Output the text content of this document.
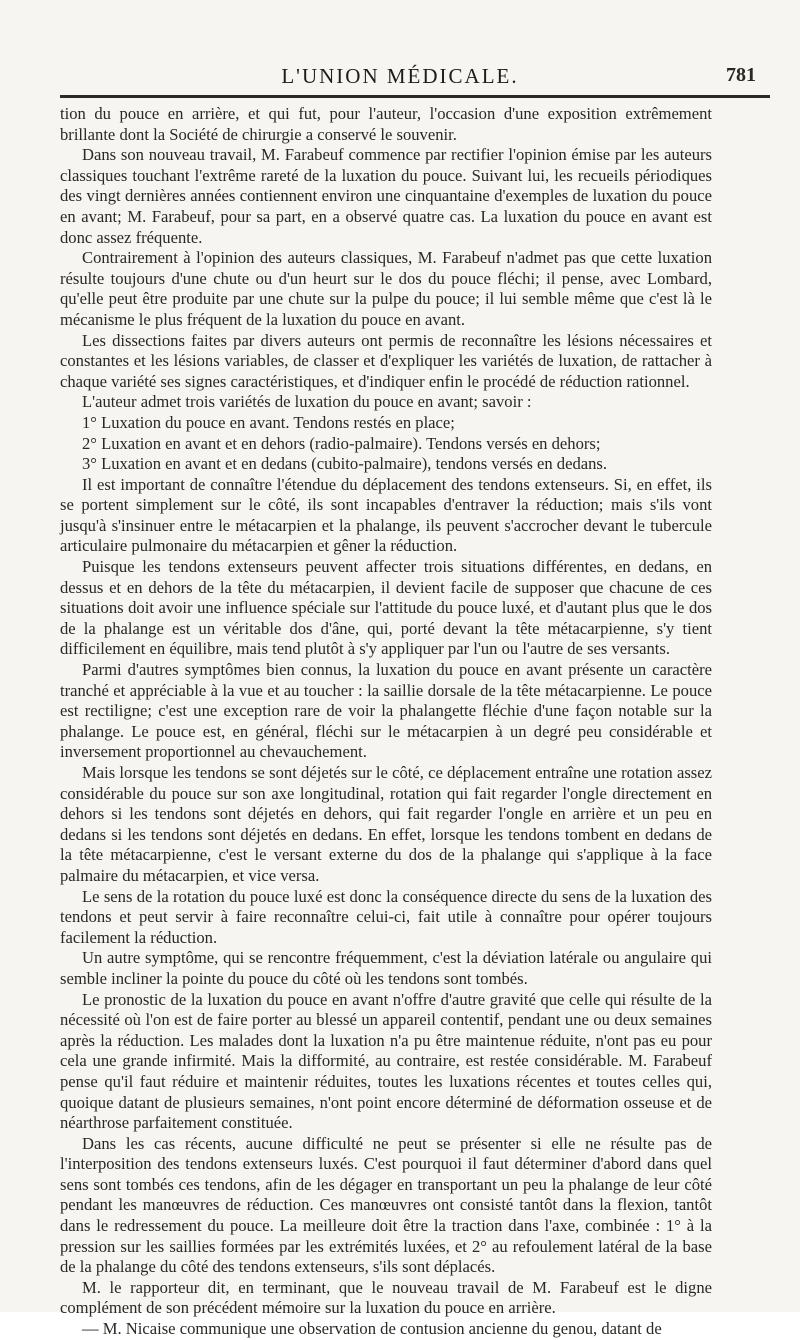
L'UNION MÉDICALE.	781

tion du pouce en arrière, et qui fut, pour l'auteur, l'occasion d'une exposition extrêmement brillante dont la Société de chirurgie a conservé le souvenir.

Dans son nouveau travail, M. Farabeuf commence par rectifier l'opinion émise par les auteurs classiques touchant l'extrême rareté de la luxation du pouce. Suivant lui, les recueils périodiques des vingt dernières années contiennent environ une cinquantaine d'exemples de luxation du pouce en avant; M. Farabeuf, pour sa part, en a observé quatre cas. La luxation du pouce en avant est donc assez fréquente.

Contrairement à l'opinion des auteurs classiques, M. Farabeuf n'admet pas que cette luxation résulte toujours d'une chute ou d'un heurt sur le dos du pouce fléchi; il pense, avec Lombard, qu'elle peut être produite par une chute sur la pulpe du pouce; il lui semble même que c'est là le mécanisme le plus fréquent de la luxation du pouce en avant.

Les dissections faites par divers auteurs ont permis de reconnaître les lésions nécessaires et constantes et les lésions variables, de classer et d'expliquer les variétés de luxation, de rattacher à chaque variété ses signes caractéristiques, et d'indiquer enfin le procédé de réduction rationnel.

L'auteur admet trois variétés de luxation du pouce en avant; savoir :

1° Luxation du pouce en avant. Tendons restés en place;

2° Luxation en avant et en dehors (radio-palmaire). Tendons versés en dehors;

3° Luxation en avant et en dedans (cubito-palmaire), tendons versés en dedans.

Il est important de connaître l'étendue du déplacement des tendons extenseurs. Si, en effet, ils se portent simplement sur le côté, ils sont incapables d'entraver la réduction; mais s'ils vont jusqu'à s'insinuer entre le métacarpien et la phalange, ils peuvent s'accrocher devant le tubercule articulaire pulmonaire du métacarpien et gêner la réduction.

Puisque les tendons extenseurs peuvent affecter trois situations différentes, en dedans, en dessus et en dehors de la tête du métacarpien, il devient facile de supposer que chacune de ces situations doit avoir une influence spéciale sur l'attitude du pouce luxé, et d'autant plus que le dos de la phalange est un véritable dos d'âne, qui, porté devant la tête métacarpienne, s'y tient difficilement en équilibre, mais tend plutôt à s'y appliquer par l'un ou l'autre de ses versants.

Parmi d'autres symptômes bien connus, la luxation du pouce en avant présente un caractère tranché et appréciable à la vue et au toucher : la saillie dorsale de la tête métacarpienne. Le pouce est rectiligne; c'est une exception rare de voir la phalangette fléchie d'une façon notable sur la phalange. Le pouce est, en général, fléchi sur le métacarpien à un degré peu considérable et inversement proportionnel au chevauchement.

Mais lorsque les tendons se sont déjetés sur le côté, ce déplacement entraîne une rotation assez considérable du pouce sur son axe longitudinal, rotation qui fait regarder l'ongle directement en dehors si les tendons sont déjetés en dehors, qui fait regarder l'ongle en arrière et un peu en dedans si les tendons sont déjetés en dedans. En effet, lorsque les tendons tombent en dedans de la tête métacarpienne, c'est le versant externe du dos de la phalange qui s'applique à la face palmaire du métacarpien, et vice versa.

Le sens de la rotation du pouce luxé est donc la conséquence directe du sens de la luxation des tendons et peut servir à faire reconnaître celui-ci, fait utile à connaître pour opérer toujours facilement la réduction.

Un autre symptôme, qui se rencontre fréquemment, c'est la déviation latérale ou angulaire qui semble incliner la pointe du pouce du côté où les tendons sont tombés.

Le pronostic de la luxation du pouce en avant n'offre d'autre gravité que celle qui résulte de la nécessité où l'on est de faire porter au blessé un appareil contentif, pendant une ou deux semaines après la réduction. Les malades dont la luxation n'a pu être maintenue réduite, n'ont pas eu pour cela une grande infirmité. Mais la difformité, au contraire, est restée considérable. M. Farabeuf pense qu'il faut réduire et maintenir réduites, toutes les luxations récentes et toutes celles qui, quoique datant de plusieurs semaines, n'ont point encore déterminé de déformation osseuse et de néarthrose parfaitement constituée.

Dans les cas récents, aucune difficulté ne peut se présenter si elle ne résulte pas de l'interposition des tendons extenseurs luxés. C'est pourquoi il faut déterminer d'abord dans quel sens sont tombés ces tendons, afin de les dégager en transportant un peu la phalange de leur côté pendant les manœuvres de réduction. Ces manœuvres ont consisté tantôt dans la flexion, tantôt dans le redressement du pouce. La meilleure doit être la traction dans l'axe, combinée : 1° à la pression sur les saillies formées par les extrémités luxées, et 2° au refoulement latéral de la base de la phalange du côté des tendons extenseurs, s'ils sont déplacés.

M. le rapporteur dit, en terminant, que le nouveau travail de M. Farabeuf est le digne complément de son précédent mémoire sur la luxation du pouce en arrière.

— M. Nicaise communique une observation de contusion ancienne du genou, datant de
